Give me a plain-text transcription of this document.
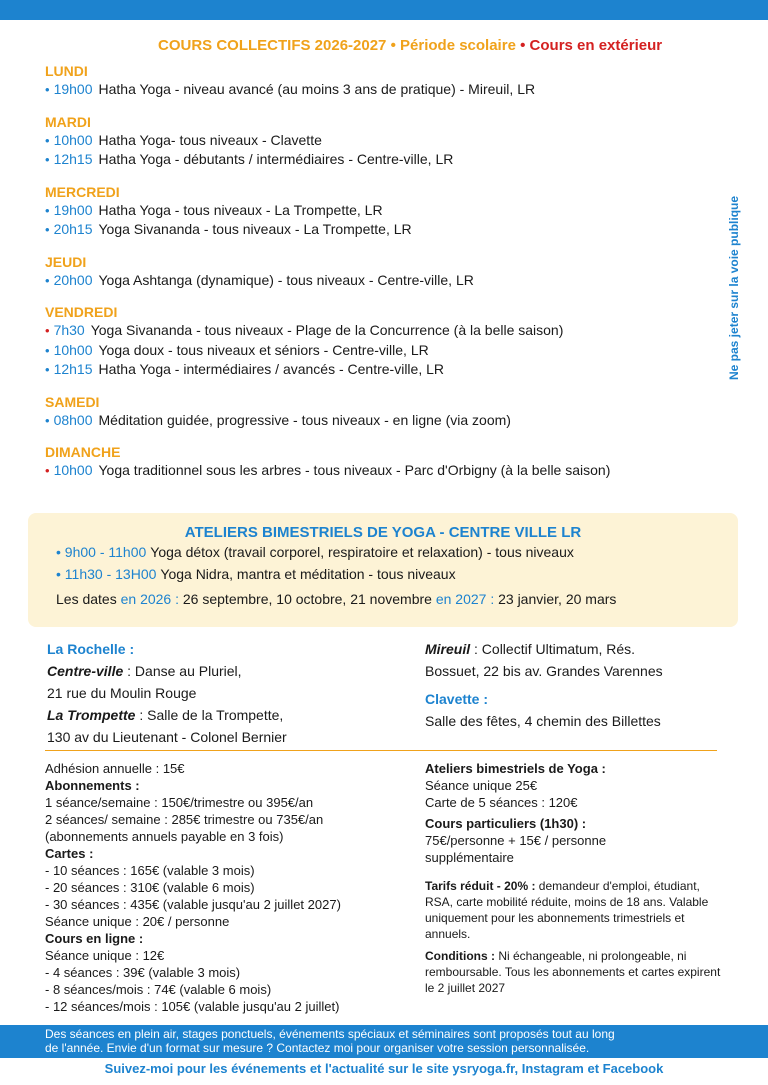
COURS COLLECTIFS 2026-2027 • Période scolaire • Cours en extérieur
LUNDI
• 19h00 Hatha Yoga - niveau avancé (au moins 3 ans de pratique) - Mireuil, LR
MARDI
• 10h00 Hatha Yoga- tous niveaux - Clavette
• 12h15 Hatha Yoga - débutants / intermédiaires - Centre-ville, LR
MERCREDI
• 19h00 Hatha Yoga - tous niveaux - La Trompette, LR
• 20h15 Yoga Sivananda - tous niveaux - La Trompette, LR
JEUDI
• 20h00 Yoga Ashtanga (dynamique) - tous niveaux - Centre-ville, LR
VENDREDI
• 7h30 Yoga Sivananda - tous niveaux - Plage de la Concurrence (à la belle saison)
• 10h00 Yoga doux - tous niveaux et séniors - Centre-ville, LR
• 12h15 Hatha Yoga - intermédiaires / avancés - Centre-ville, LR
SAMEDI
• 08h00 Méditation guidée, progressive - tous niveaux - en ligne (via zoom)
DIMANCHE
• 10h00 Yoga traditionnel sous les arbres - tous niveaux - Parc d'Orbigny (à la belle saison)
Ne pas jeter sur la voie publique
ATELIERS BIMESTRIELS DE YOGA - CENTRE VILLE LR
• 9h00 - 11h00 Yoga détox (travail corporel, respiratoire et relaxation) - tous niveaux
• 11h30 - 13H00 Yoga Nidra, mantra et méditation - tous niveaux
Les dates en 2026 : 26 septembre, 10 octobre, 21 novembre en 2027 : 23 janvier, 20 mars
La Rochelle :
Centre-ville : Danse au Pluriel,
21 rue du Moulin Rouge
La Trompette : Salle de la Trompette,
130 av du Lieutenant - Colonel Bernier
Mireuil : Collectif Ultimatum, Rés.
Bossuet, 22 bis av. Grandes Varennes
Clavette :
Salle des fêtes, 4 chemin des Billettes
Adhésion annuelle : 15€
Abonnements :
1 séance/semaine : 150€/trimestre ou 395€/an
2 séances/ semaine : 285€ trimestre ou 735€/an
(abonnements annuels payable en 3 fois)
Cartes :
- 10 séances : 165€ (valable 3 mois)
- 20 séances : 310€ (valable 6 mois)
- 30 séances : 435€ (valable jusqu'au 2 juillet 2027)
Séance unique : 20€ / personne
Cours en ligne :
Séance unique : 12€
- 4 séances : 39€ (valable 3 mois)
- 8 séances/mois : 74€ (valable 6 mois)
- 12 séances/mois : 105€ (valable jusqu'au 2 juillet)
Ateliers bimestriels de Yoga :
Séance unique 25€
Carte de 5 séances : 120€
Cours particuliers (1h30) :
75€/personne + 15€ / personne
supplémentaire
Tarifs réduit - 20% : demandeur d'emploi, étudiant, RSA, carte mobilité réduite, moins de 18 ans. Valable uniquement pour les abonnements trimestriels et annuels.
Conditions : Ni échangeable, ni prolongeable, ni remboursable. Tous les abonnements et cartes expirent le 2 juillet 2027
Des séances en plein air, stages ponctuels, événements spéciaux et séminaires sont proposés tout au long
de l'année. Envie d'un format sur mesure ? Contactez moi pour organiser votre session personnalisée.
Suivez-moi pour les événements et l'actualité sur le site ysryoga.fr, Instagram et Facebook
